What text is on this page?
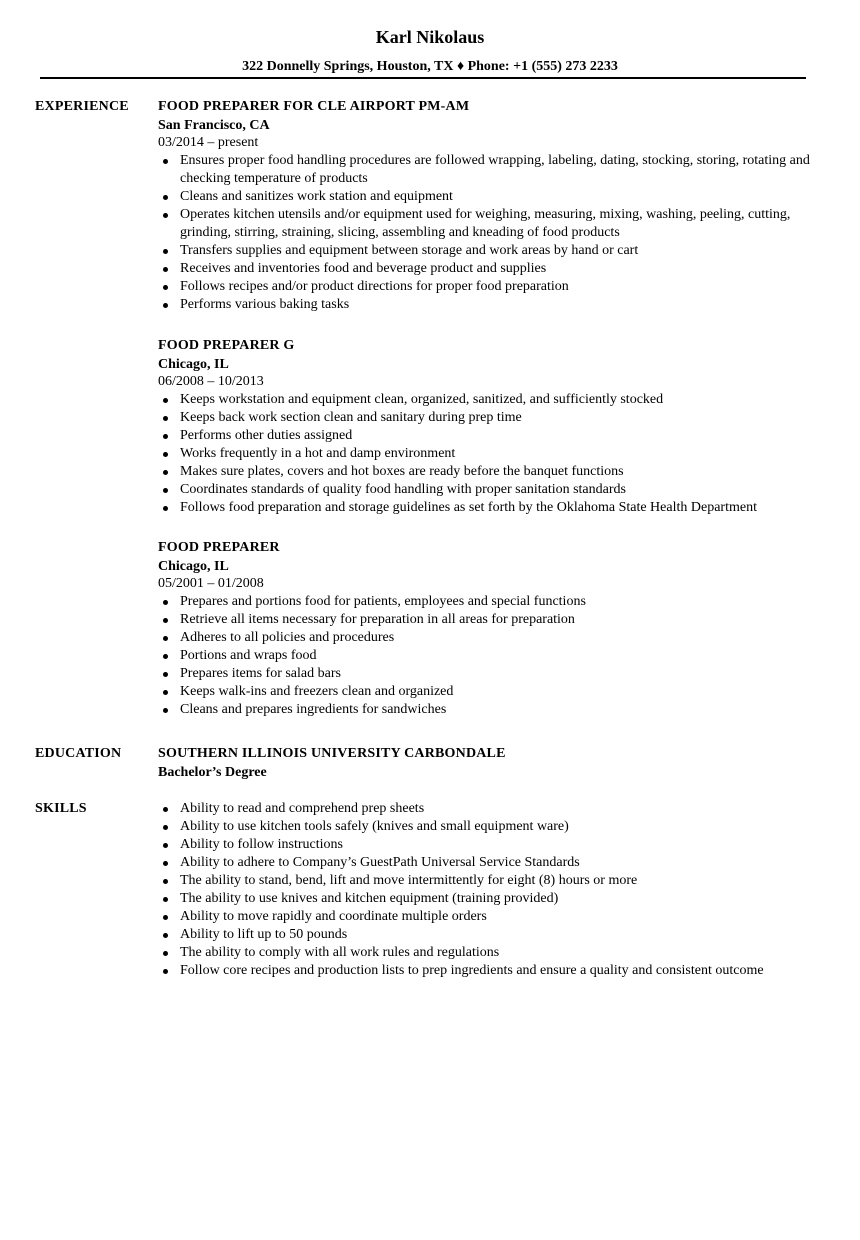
Karl Nikolaus
322 Donnelly Springs, Houston, TX ♦ Phone: +1 (555) 273 2233
EXPERIENCE FOOD PREPARER FOR CLE AIRPORT PM-AM
San Francisco, CA
03/2014 – present
Ensures proper food handling procedures are followed wrapping, labeling, dating, stocking, storing, rotating and checking temperature of products
Cleans and sanitizes work station and equipment
Operates kitchen utensils and/or equipment used for weighing, measuring, mixing, washing, peeling, cutting, grinding, stirring, straining, slicing, assembling and kneading of food products
Transfers supplies and equipment between storage and work areas by hand or cart
Receives and inventories food and beverage product and supplies
Follows recipes and/or product directions for proper food preparation
Performs various baking tasks
FOOD PREPARER G
Chicago, IL
06/2008 – 10/2013
Keeps workstation and equipment clean, organized, sanitized, and sufficiently stocked
Keeps back work section clean and sanitary during prep time
Performs other duties assigned
Works frequently in a hot and damp environment
Makes sure plates, covers and hot boxes are ready before the banquet functions
Coordinates standards of quality food handling with proper sanitation standards
Follows food preparation and storage guidelines as set forth by the Oklahoma State Health Department
FOOD PREPARER
Chicago, IL
05/2001 – 01/2008
Prepares and portions food for patients, employees and special functions
Retrieve all items necessary for preparation in all areas for preparation
Adheres to all policies and procedures
Portions and wraps food
Prepares items for salad bars
Keeps walk-ins and freezers clean and organized
Cleans and prepares ingredients for sandwiches
EDUCATION	SOUTHERN ILLINOIS UNIVERSITY CARBONDALE
Bachelor’s Degree
SKILLS	Ability to read and comprehend prep sheets
Ability to use kitchen tools safely (knives and small equipment ware)
Ability to follow instructions
Ability to adhere to Company’s GuestPath Universal Service Standards
The ability to stand, bend, lift and move intermittently for eight (8) hours or more
The ability to use knives and kitchen equipment (training provided)
Ability to move rapidly and coordinate multiple orders
Ability to lift up to 50 pounds
The ability to comply with all work rules and regulations
Follow core recipes and production lists to prep ingredients and ensure a quality and consistent outcome
